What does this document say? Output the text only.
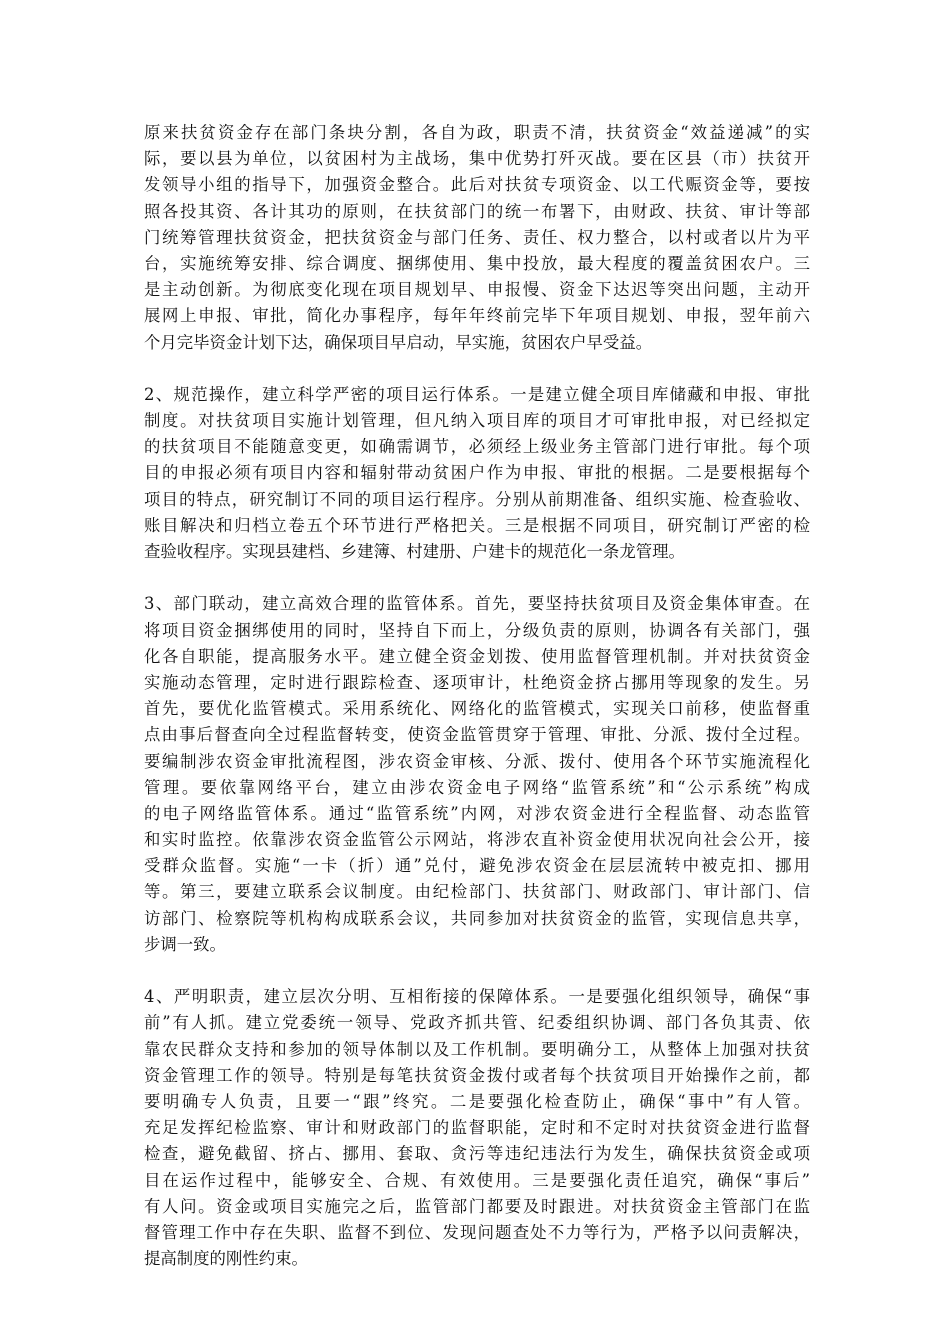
原来扶贫资金存在部门条块分割，各自为政，职责不清，扶贫资金“效益递减”的实
际，要以县为单位，以贫困村为主战场，集中优势打歼灭战。要在区县（市）扶贫开
发领导小组的指导下，加强资金整合。此后对扶贫专项资金、以工代赈资金等，要按
照各投其资、各计其功的原则，在扶贫部门的统一布署下，由财政、扶贫、审计等部
门统筹管理扶贫资金，把扶贫资金与部门任务、责任、权力整合，以村或者以片为平
台，实施统筹安排、综合调度、捆绑使用、集中投放，最大程度的覆盖贫困农户。三
是主动创新。为彻底变化现在项目规划早、申报慢、资金下达迟等突出问题，主动开
展网上申报、审批，简化办事程序，每年年终前完毕下年项目规划、申报，翌年前六
个月完毕资金计划下达，确保项目早启动，早实施，贫困农户早受益。
2、规范操作，建立科学严密的项目运行体系。一是建立健全项目库储藏和申报、审批
制度。对扶贫项目实施计划管理，但凡纳入项目库的项目才可审批申报，对已经拟定
的扶贫项目不能随意变更，如确需调节，必须经上级业务主管部门进行审批。每个项
目的申报必须有项目内容和辐射带动贫困户作为申报、审批的根据。二是要根据每个
项目的特点，研究制订不同的项目运行程序。分别从前期准备、组织实施、检查验收、
账目解决和归档立卷五个环节进行严格把关。三是根据不同项目，研究制订严密的检
查验收程序。实现县建档、乡建簿、村建册、户建卡的规范化一条龙管理。
3、部门联动，建立高效合理的监管体系。首先，要坚持扶贫项目及资金集体审查。在
将项目资金捆绑使用的同时，坚持自下而上，分级负责的原则，协调各有关部门，强
化各自职能，提高服务水平。建立健全资金划拨、使用监督管理机制。并对扶贫资金
实施动态管理，定时进行跟踪检查、逐项审计，杜绝资金挤占挪用等现象的发生。另
首先，要优化监管模式。采用系统化、网络化的监管模式，实现关口前移，使监督重
点由事后督查向全过程监督转变，使资金监管贯穿于管理、审批、分派、拨付全过程。
要编制涉农资金审批流程图，涉农资金审核、分派、拨付、使用各个环节实施流程化
管理。要依靠网络平台，建立由涉农资金电子网络“监管系统”和“公示系统”构成
的电子网络监管体系。通过“监管系统”内网，对涉农资金进行全程监督、动态监管
和实时监控。依靠涉农资金监管公示网站，将涉农直补资金使用状况向社会公开，接
受群众监督。实施“一卡（折）通”兑付，避免涉农资金在层层流转中被克扣、挪用
等。第三，要建立联系会议制度。由纪检部门、扶贫部门、财政部门、审计部门、信
访部门、检察院等机构构成联系会议，共同参加对扶贫资金的监管，实现信息共享，
步调一致。
4、严明职责，建立层次分明、互相衔接的保障体系。一是要强化组织领导，确保“事
前”有人抓。建立党委统一领导、党政齐抓共管、纪委组织协调、部门各负其责、依
靠农民群众支持和参加的领导体制以及工作机制。要明确分工，从整体上加强对扶贫
资金管理工作的领导。特别是每笔扶贫资金拨付或者每个扶贫项目开始操作之前，都
要明确专人负责，且要一“跟”终究。二是要强化检查防止，确保“事中”有人管。
充足发挥纪检监察、审计和财政部门的监督职能，定时和不定时对扶贫资金进行监督
检查，避免截留、挤占、挪用、套取、贪污等违纪违法行为发生，确保扶贫资金或项
目在运作过程中，能够安全、合规、有效使用。三是要强化责任追究，确保“事后”
有人问。资金或项目实施完之后，监管部门都要及时跟进。对扶贫资金主管部门在监
督管理工作中存在失职、监督不到位、发现问题查处不力等行为，严格予以问责解决，
提高制度的刚性约束。
